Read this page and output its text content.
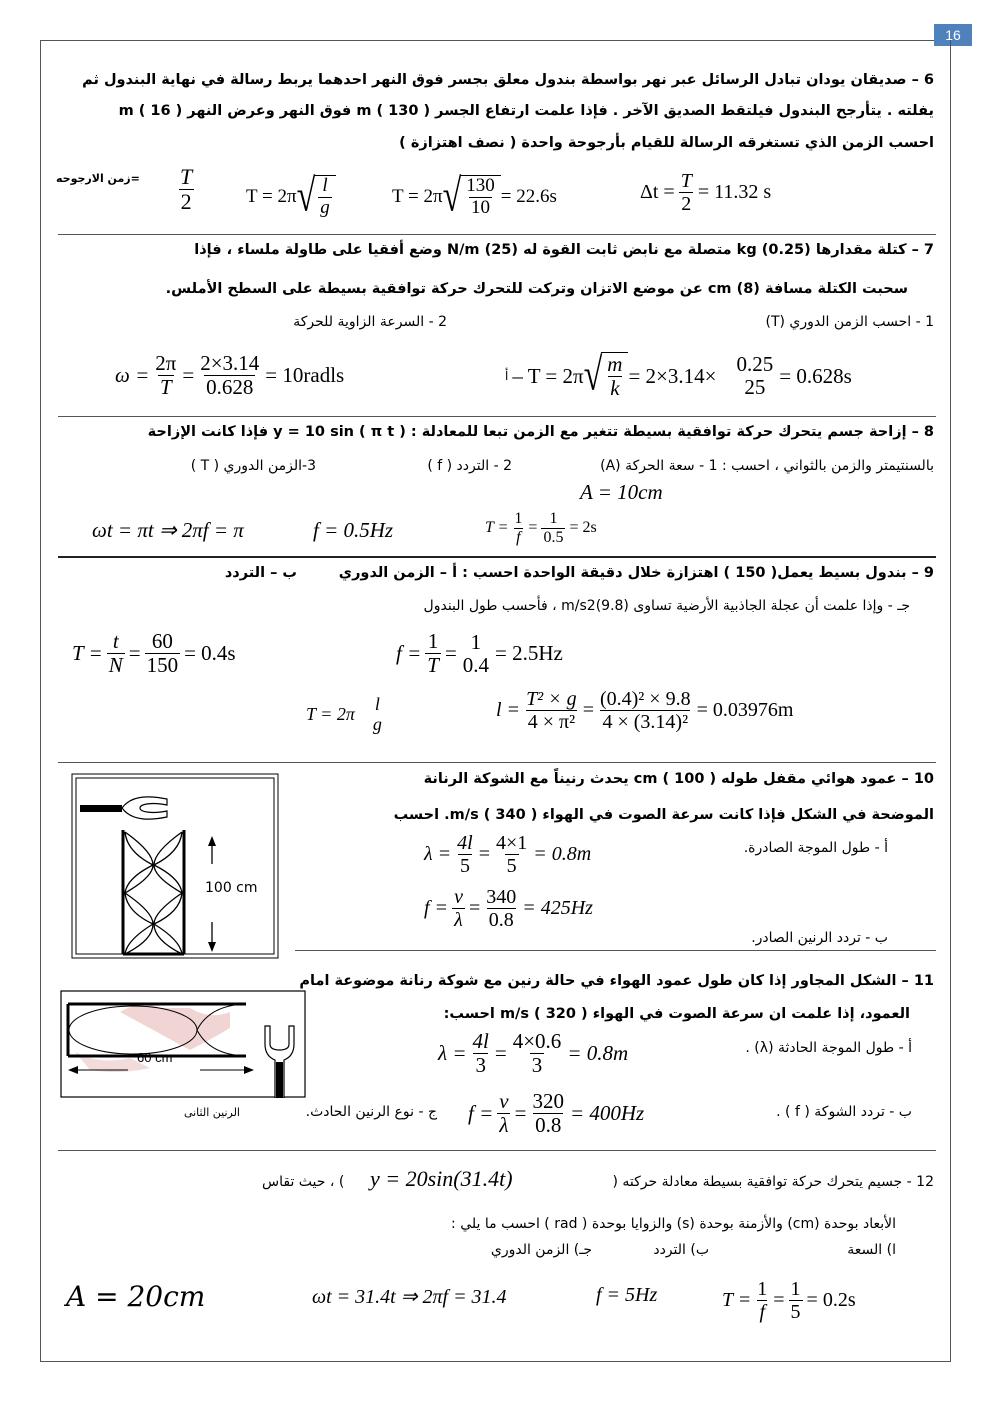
16
6 – صديقان يودان تبادل الرسائل عبر نهر بواسطة بندول معلق بجسر فوق النهر احدهما يربط رسالة في نهاية البندول ثم
يفلته . يتأرجح البندول فيلتقط الصديق الآخر . فإذا علمت ارتفاع الجسر m ( 130 ) فوق النهر وعرض النهر m ( 16 )
احسب الزمن الذي تستغرقه الرسالة للقيام بأرجوحة واحدة ( نصف اهتزازة )
=زمن الارجوحه $\frac{T}{2}$	T = 2π √ $\frac{l}{g}$	T = 2π √ $\frac{130}{10} = 22.6s$	$\Delta t = \frac{T}{2} = 11.32$ s
7 – كتلة مقدارها kg (0.25) متصلة مع نابض ثابت القوة له N/m (25) وضع أفقيا على طاولة ملساء ، فإذا
سحبت الكتلة مسافة cm (8) عن موضع الاتزان وتركت للتحرك حركة توافقية بسيطة على السطح الأملس.
1 - احسب الزمن الدوري (T)
2 - السرعة الزاوية للحركة
$\omega = \frac{2\pi}{T} = \frac{2\times 3.14}{0.628}$ = 10radls	أ – T = 2π √ $\frac{m}{k} = 2\times 3.14\times 0.25$
25 = 0.628s
8 – إزاحة جسم يتحرك حركة توافقية بسيطة تتغير مع الزمن تبعا للمعادلة : ( y = 10 sin ( π t فإذا كانت الإزاحة
بالسنتيمتر والزمن بالثواني ، احسب : 1 - سعة الحركة (A)
2 - التردد ( f )
3-الزمن الدوري ( T )
A = 10cm
ωt = πt ⇒ 2πf = π	f = 0.5Hz	$T = \frac{1}{f} = \frac{1}{0.5} = 2s$
9 – بندول بسيط يعمل( 150 ) اهتزازة خلال دقيقة الواحدة احسب : أ – الزمن الدوري
ب – التردد
جـ - وإذا علمت أن عجلة الجاذبية الأرضية تساوى m/s2(9.8) ، فأحسب طول البندول
$T = \frac{t}{N} = \frac{60}{150} = 0.4s$	$f = \frac{1}{T} = 1$
0.4 = 2.5Hz
T = 2π
l
g
$l = \frac{\text{T² × g}}{\text{4 × π²}} = \frac{\text{(0.4)² × 9.8}}{\text{4 × (3.14)²}} = 0.03976m$
100 cm
10 – عمود هوائي مقفل طوله cm ( 100 ) يحدث رنيناً مع الشوكة الرنانة
الموضحة في الشكل فإذا كانت سرعة الصوت في الهواء m/s ( 340 ). احسب
أ - طول الموجة الصادرة.
ب - تردد الرنين الصادر.
$\lambda = \frac{4l}{5} = \frac{4\times 1}{5} = 0.8m$
$f = \frac{v}{\lambda} = \frac{340}{0.8} = 425Hz$
60 cm
11 – الشكل المجاور إذا كان طول عمود الهواء في حالة رنين مع شوكة رنانة موضوعة امام
العمود، إذا علمت ان سرعة الصوت في الهواء m/s ( 320 ) احسب:
أ - طول الموجة الحادثة (λ) .
ب - تردد الشوكة ( f ) .
ج - نوع الرنين الحادث.
الرنين الثانى
$\lambda = \frac{4l}{3} = \frac{4\times 0.6}{3} = 0.8m$
$f = \frac{v}{\lambda} = \frac{320}{0.8} = 400Hz$
12 - جسيم يتحرك حركة توافقية بسيطة معادلة حركته (
y = 20sin(31.4t)
) ، حيث تقاس
الأبعاد بوحدة (cm) والأزمنة بوحدة (s) والزوايا بوحدة ( rad ) احسب ما يلي :
ا) السعة
ب) التردد
جـ) الزمن الدوري
A = 20cm	ωt = 31.4t ⇒ 2πf = 31.4	f = 5Hz	$T = \frac{1}{f} = \frac{1}{5} = 0.2s$
